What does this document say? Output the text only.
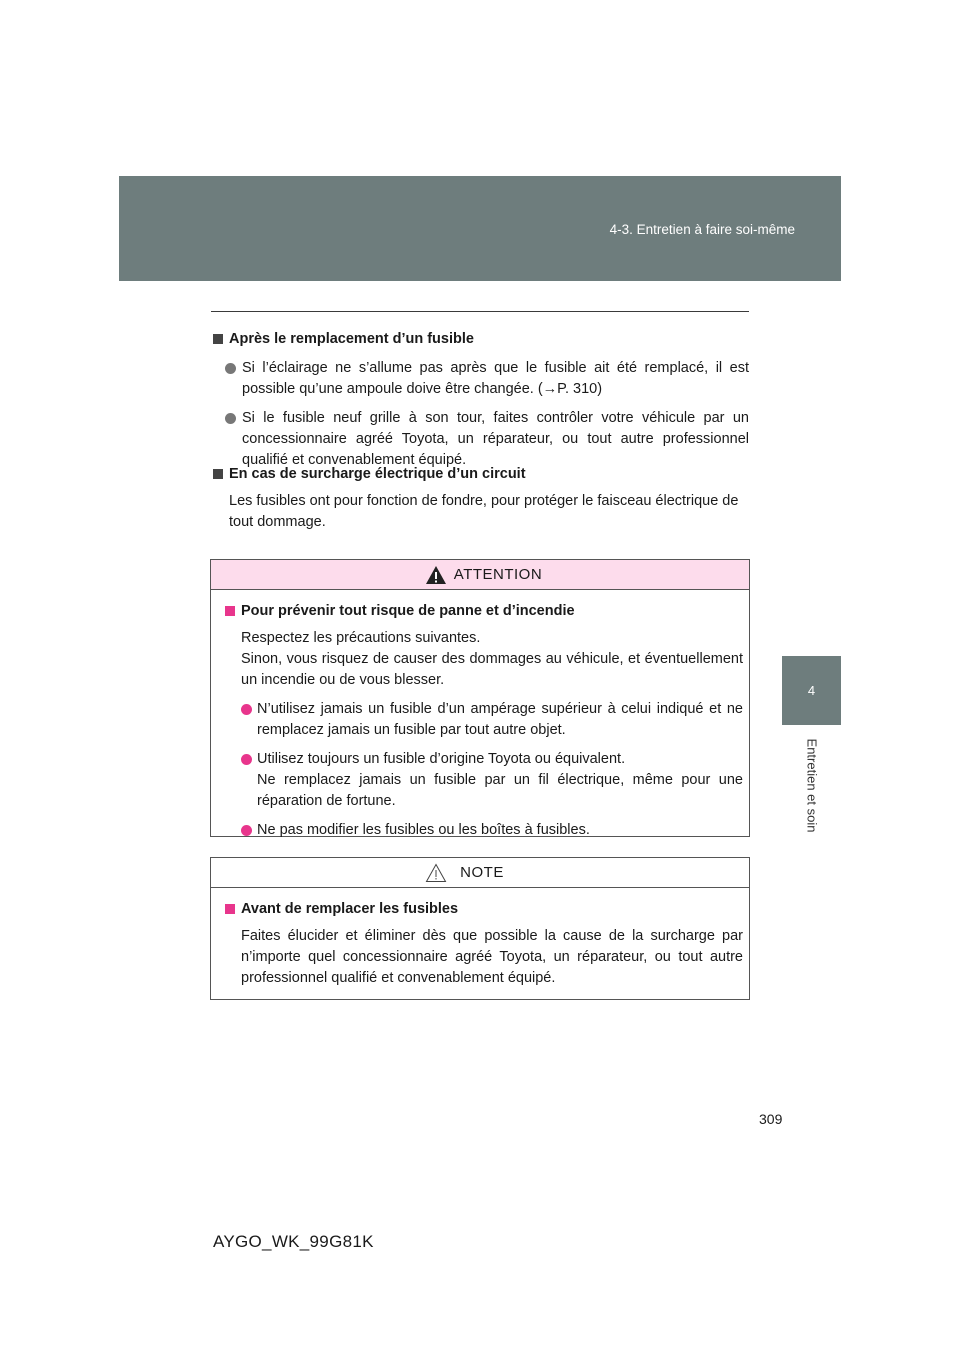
4-3. Entretien à faire soi-même
4
Entretien et soin
Après le remplacement d’un fusible
Si l’éclairage ne s’allume pas après que le fusible ait été remplacé, il est possible qu’une ampoule doive être changée. (→P. 310)
Si le fusible neuf grille à son tour, faites contrôler votre véhicule par un concessionnaire agréé Toyota, un réparateur, ou tout autre professionnel qualifié et convenablement équipé.
En cas de surcharge électrique d’un circuit
Les fusibles ont pour fonction de fondre, pour protéger le faisceau électrique de tout dommage.
ATTENTION
Pour prévenir tout risque de panne et d’incendie
Respectez les précautions suivantes.
Sinon, vous risquez de causer des dommages au véhicule, et éventuellement un incendie ou de vous blesser.
N’utilisez jamais un fusible d’un ampérage supérieur à celui indiqué et ne remplacez jamais un fusible par tout autre objet.
Utilisez toujours un fusible d’origine Toyota ou équivalent.
Ne remplacez jamais un fusible par un fil électrique, même pour une réparation de fortune.
Ne pas modifier les fusibles ou les boîtes à fusibles.
NOTE
Avant de remplacer les fusibles
Faites élucider et éliminer dès que possible la cause de la surcharge par n’importe quel concessionnaire agréé Toyota, un réparateur, ou tout autre professionnel qualifié et convenablement équipé.
309
AYGO_WK_99G81K
